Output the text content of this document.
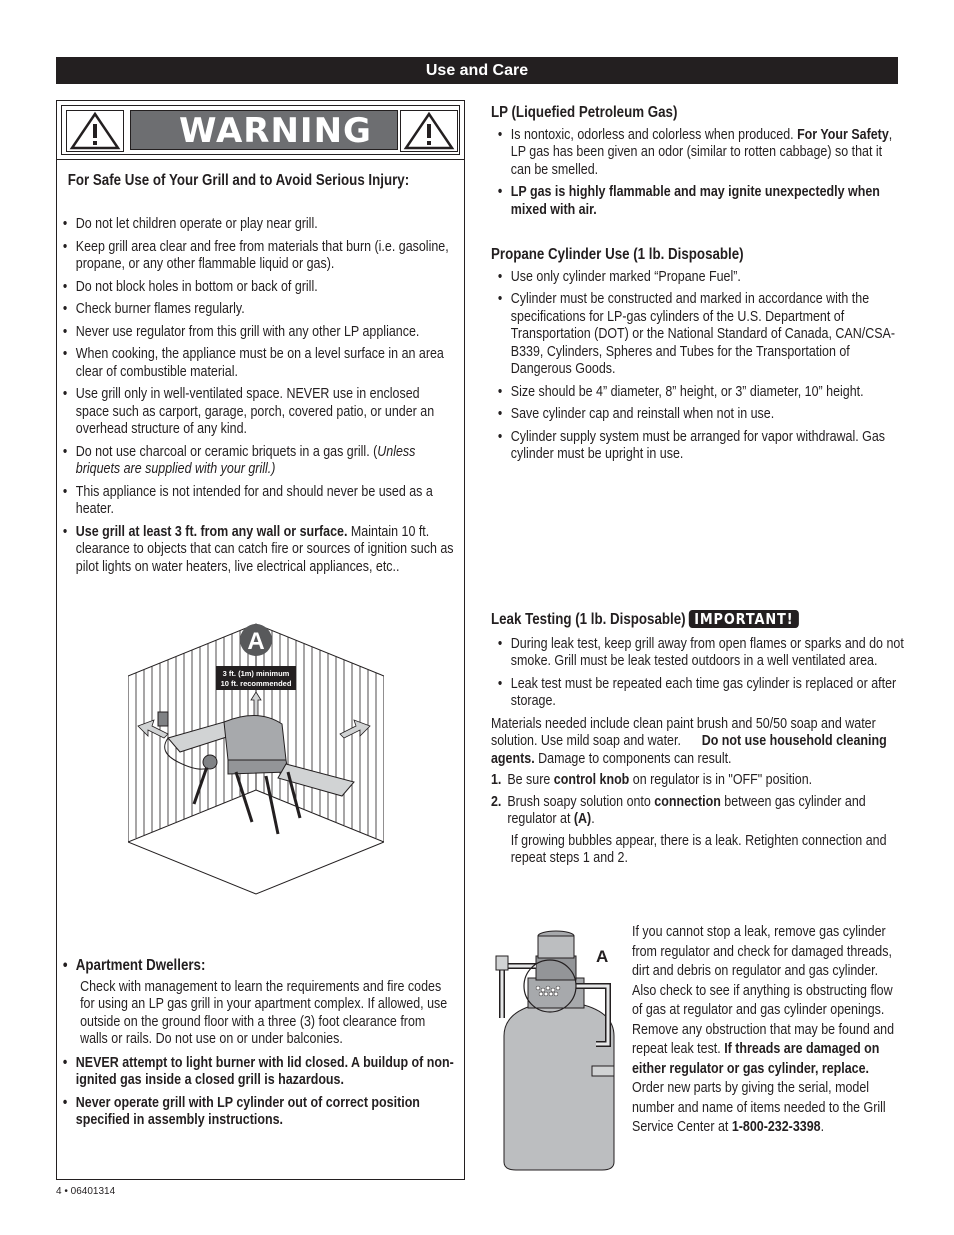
Use and Care
WARNING
For Safe Use of Your Grill and to Avoid Serious Injury:
• Do not let children operate or play near grill.
• Keep grill area clear and free from materials that burn (i.e. gasoline, propane, or any other flammable liquid or gas).
• Do not block holes in bottom or back of grill.
• Check burner flames regularly.
• Never use regulator from this grill with any other LP appliance.
• When cooking, the appliance must be on a level surface in an area clear of combustible material.
• Use grill only in well-ventilated space. NEVER use in enclosed space such as carport, garage, porch, covered patio, or under an overhead structure of any kind.
• Do not use charcoal or ceramic briquets in a gas grill. (Unless briquets are supplied with your grill.)
• This appliance is not intended for and should never be used as a heater.
• Use grill at least 3 ft. from any wall or surface. Maintain 10 ft. clearance to objects that can catch fire or sources of ignition such as pilot lights on water heaters, live electrical appliances, etc..
3 ft. (1m) minimum
10 ft. recommended
A
• Apartment Dwellers:
Check with management to learn the requirements and fire codes for using an LP gas grill in your apartment complex. If allowed, use outside on the ground floor with a three (3) foot clearance from walls or rails. Do not use on or under balconies.
• NEVER attempt to light burner with lid closed. A buildup of non-ignited gas inside a closed grill is hazardous.
• Never operate grill with LP cylinder out of correct position specified in assembly instructions.
LP (Liquefied Petroleum Gas)
• Is nontoxic, odorless and colorless when produced. For Your Safety, LP gas has been given an odor (similar to rotten cabbage) so that it can be smelled.
• LP gas is highly flammable and may ignite unexpectedly when mixed with air.
Propane Cylinder Use (1 lb. Disposable)
• Use only cylinder marked “Propane Fuel”.
• Cylinder must be constructed and marked in accordance with the specifications for LP-gas cylinders of the U.S. Department of Transportation (DOT) or the National Standard of Canada, CAN/CSA-B339, Cylinders, Spheres and Tubes for the Transportation of Dangerous Goods.
• Size should be 4” diameter, 8” height, or 3” diameter, 10” height.
• Save cylinder cap and reinstall when not in use.
• Cylinder supply system must be arranged for vapor withdrawal. Gas cylinder must be upright in use.
Leak Testing (1 lb. Disposable) IMPORTANT!
• During leak test, keep grill away from open flames or sparks and do not smoke. Grill must be leak tested outdoors in a well ventilated area.
• Leak test must be repeated each time gas cylinder is replaced or after storage.
Materials needed include clean paint brush and 50/50 soap and water solution. Use mild soap and water. Do not use household cleaning agents. Damage to components can result.
1. Be sure control knob on regulator is in "OFF" position.
2. Brush soapy solution onto connection between gas cylinder and regulator at (A).
If growing bubbles appear, there is a leak. Retighten connection and repeat steps 1 and 2.
A
If you cannot stop a leak, remove gas cylinder from regulator and check for damaged threads, dirt and debris on regulator and gas cylinder. Also check to see if anything is obstructing flow of gas at regulator and gas cylinder openings. Remove any obstruction that may be found and repeat leak test. If threads are damaged on either regulator or gas cylinder, replace.  Order new parts by giving the serial, model number and name of items needed to the Grill Service Center at 1-800-232-3398.
4 • 06401314
